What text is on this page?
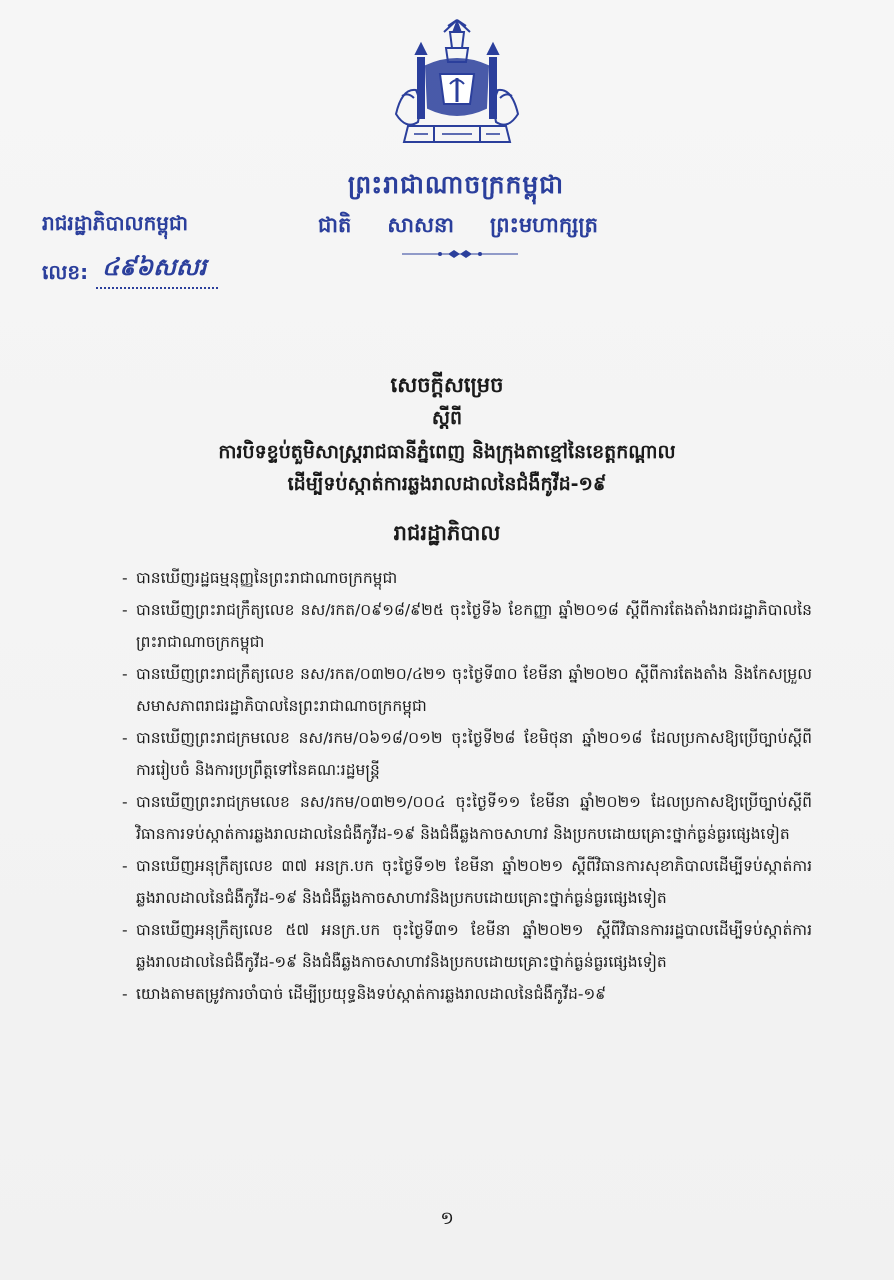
ព្រះរាជាណាចក្រកម្ពុជា
ជាតិ សាសនា ព្រះមហាក្សត្រ
រាជរដ្ឋាភិបាលកម្ពុជា
លេខ: ៤៩៦សសរ
សេចក្តីសម្រេច
ស្តីពី
ការបិទខ្ទប់តួមិសាស្ត្ររាជធានីភ្នំពេញ និងក្រុងតាខ្មៅនៃខេត្តកណ្តាល
ដើម្បីទប់ស្កាត់ការឆ្លងរាលដាលនៃជំងឺកូវីដ-១៩
រាជរដ្ឋាភិបាល
- បានឃើញរដ្ឋធម្មនុញ្ញនៃព្រះរាជាណាចក្រកម្ពុជា
- បានឃើញព្រះរាជក្រឹត្យលេខ នស/រកត/០៩១៨/៩២៥ ចុះថ្ងៃទី៦ ខែកញ្ញា ឆ្នាំ២០១៨ ស្តីពីការតែងតាំងរាជរដ្ឋាភិបាលនៃព្រះរាជាណាចក្រកម្ពុជា
- បានឃើញព្រះរាជក្រឹត្យលេខ នស/រកត/០៣២០/៤២១ ចុះថ្ងៃទី៣០ ខែមីនា ឆ្នាំ២០២០ ស្តីពីការតែងតាំង និងកែសម្រួលសមាសភាពរាជរដ្ឋាភិបាលនៃព្រះរាជាណាចក្រកម្ពុជា
- បានឃើញព្រះរាជក្រមលេខ នស/រកម/០៦១៨/០១២ ចុះថ្ងៃទី២៨ ខែមិថុនា ឆ្នាំ២០១៨ ដែលប្រកាសឱ្យប្រើច្បាប់ស្តីពីការរៀបចំ និងការប្រព្រឹត្តទៅនៃគណៈរដ្ឋមន្ត្រី
- បានឃើញព្រះរាជក្រមលេខ នស/រកម/០៣២១/០០៤ ចុះថ្ងៃទី១១ ខែមីនា ឆ្នាំ២០២១ ដែលប្រកាសឱ្យប្រើច្បាប់ស្តីពីវិធានការទប់ស្កាត់ការឆ្លងរាលដាលនៃជំងឺកូវីដ-១៩ និងជំងឺឆ្លងកាចសាហាវ និងប្រកបដោយគ្រោះថ្នាក់ធ្ងន់ធ្ងរផ្សេងទៀត
- បានឃើញអនុក្រឹត្យលេខ ៣៧ អនក្រ.បក ចុះថ្ងៃទី១២ ខែមីនា ឆ្នាំ២០២១ ស្តីពីវិធានការសុខាភិបាលដើម្បីទប់ស្កាត់ការឆ្លងរាលដាលនៃជំងឺកូវីដ-១៩ និងជំងឺឆ្លងកាចសាហាវនិងប្រកបដោយគ្រោះថ្នាក់ធ្ងន់ធ្ងរផ្សេងទៀត
- បានឃើញអនុក្រឹត្យលេខ ៥៧ អនក្រ.បក ចុះថ្ងៃទី៣១ ខែមីនា ឆ្នាំ២០២១ ស្តីពីវិធានការរដ្ឋបាលដើម្បីទប់ស្កាត់ការឆ្លងរាលដាលនៃជំងឺកូវីដ-១៩ និងជំងឺឆ្លងកាចសាហាវនិងប្រកបដោយគ្រោះថ្នាក់ធ្ងន់ធ្ងរផ្សេងទៀត
- យោងតាមតម្រូវការចាំបាច់ ដើម្បីប្រយុទ្ធនិងទប់ស្កាត់ការឆ្លងរាលដាលនៃជំងឺកូវីដ-១៩
១
